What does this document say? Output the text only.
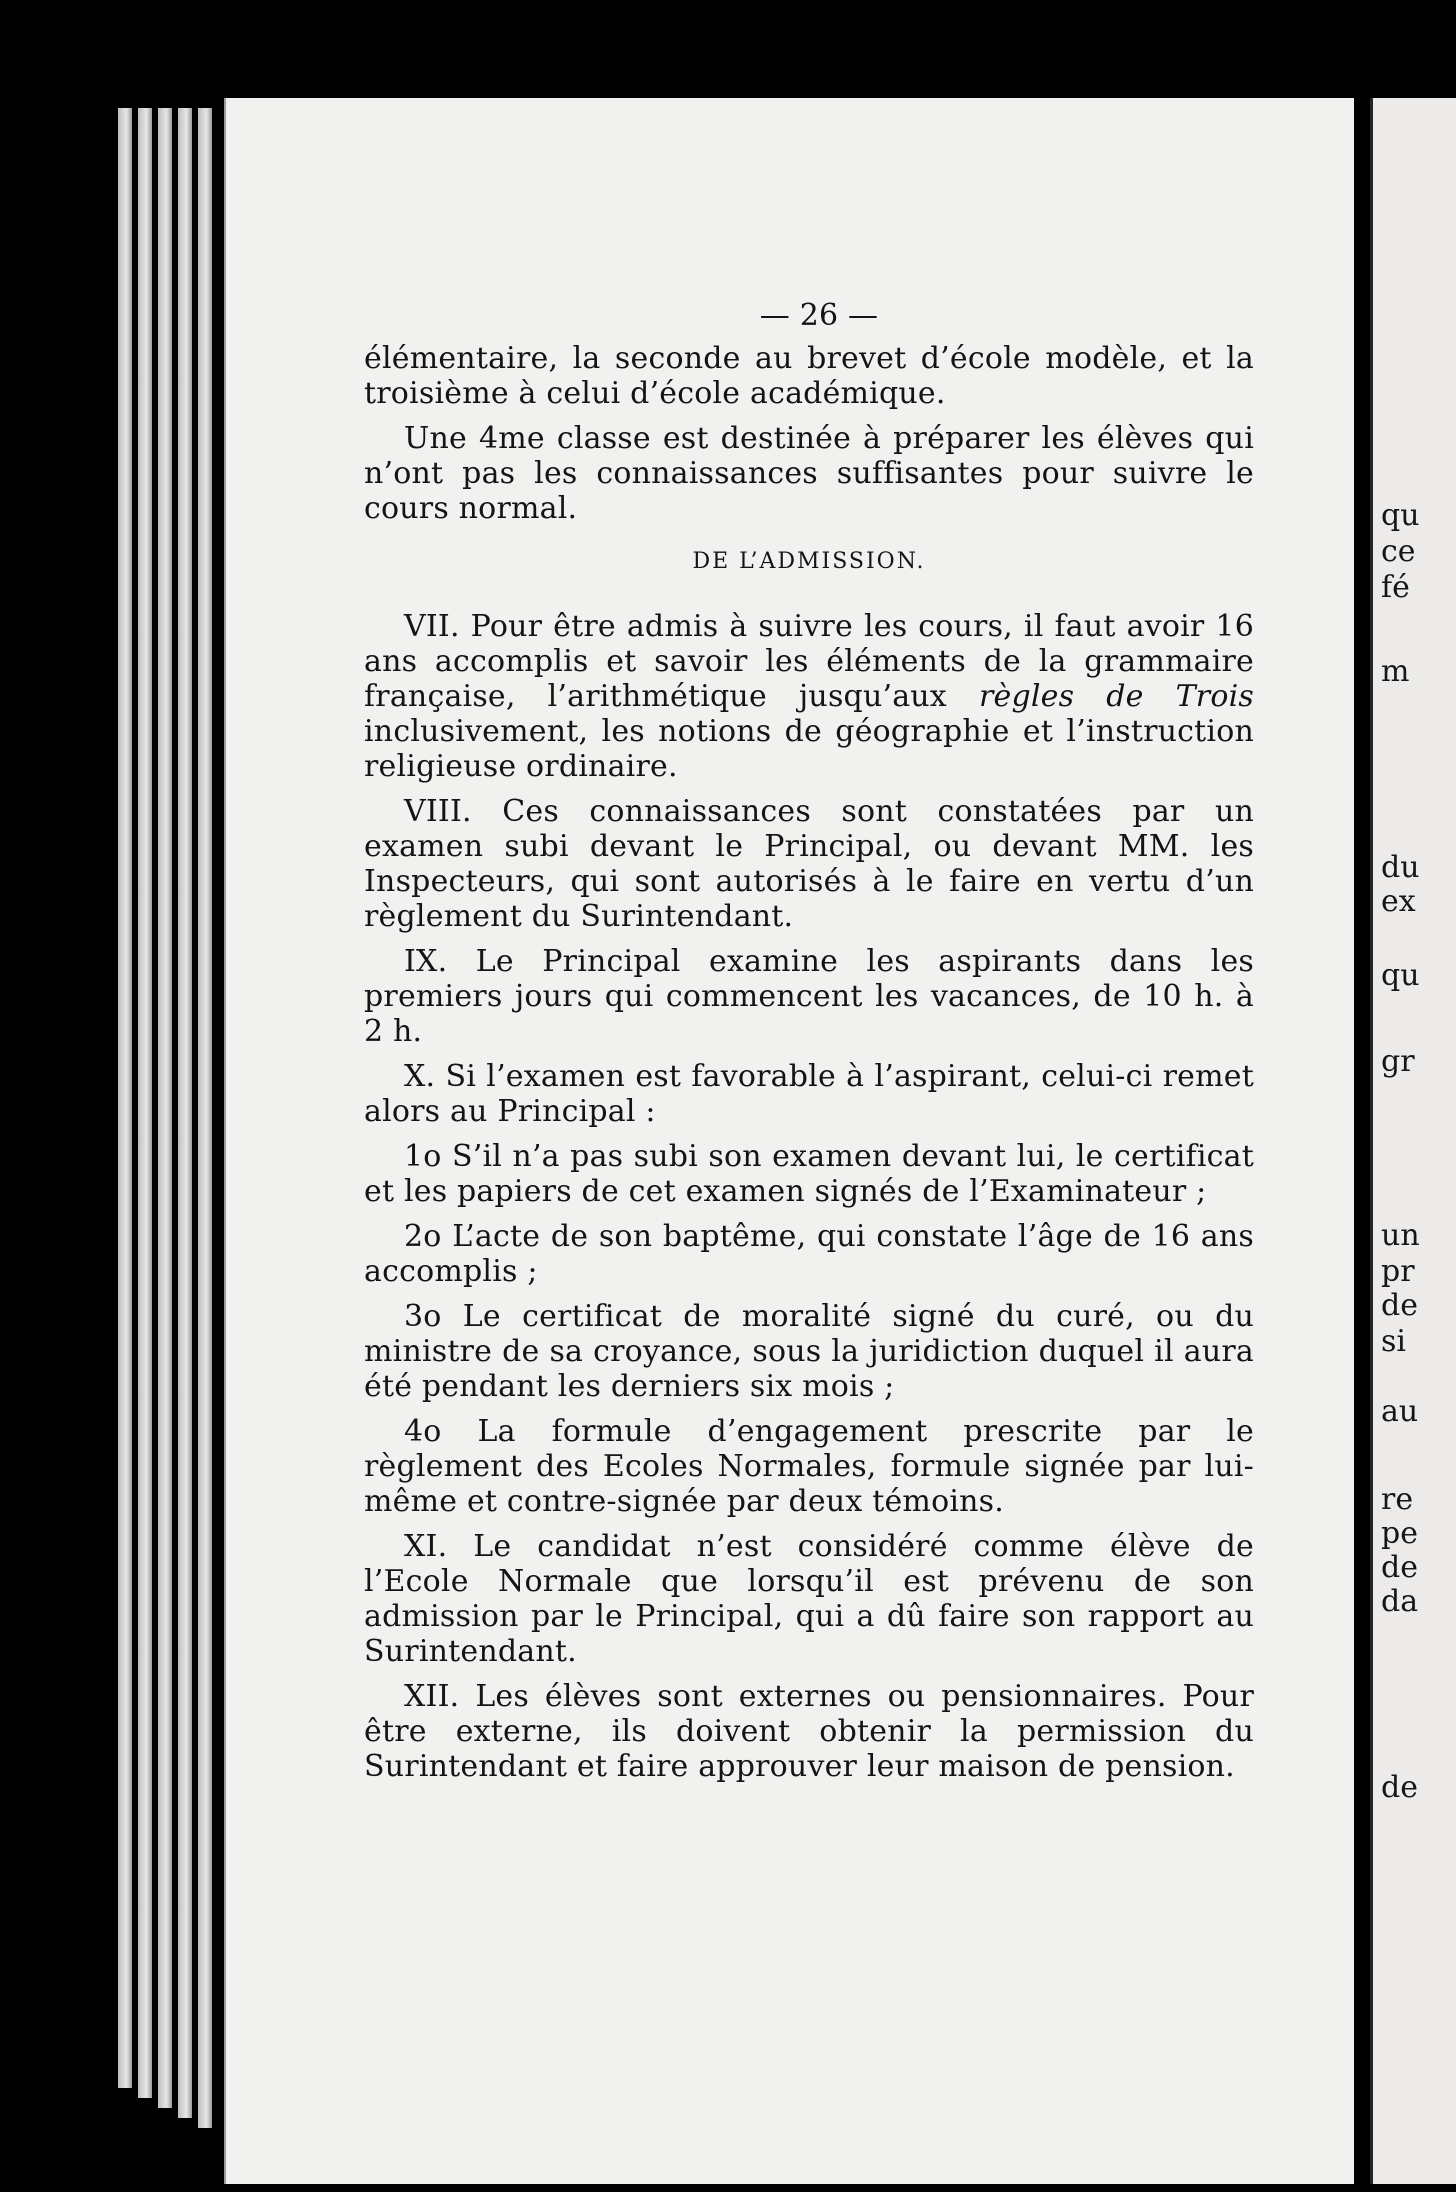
— 26 —

élémentaire, la seconde au brevet d’école modèle, et la troisième à celui d’école académique.

Une 4me classe est destinée à préparer les élèves qui n’ont pas les connaissances suffisantes pour suivre le cours normal.

DE L’ADMISSION.

VII. Pour être admis à suivre les cours, il faut avoir 16 ans accomplis et savoir les éléments de la grammaire française, l’arithmétique jusqu’aux règles de Trois inclusivement, les notions de géographie et l’instruction religieuse ordinaire.

VIII. Ces connaissances sont constatées par un examen subi devant le Principal, ou devant MM. les Inspecteurs, qui sont autorisés à le faire en vertu d’un règlement du Surintendant.

IX. Le Principal examine les aspirants dans les premiers jours qui commencent les vacances, de 10 h. à 2 h.

X. Si l’examen est favorable à l’aspirant, celui-ci remet alors au Principal :

1o S’il n’a pas subi son examen devant lui, le certificat et les papiers de cet examen signés de l’Examinateur ;

2o L’acte de son baptême, qui constate l’âge de 16 ans accomplis ;

3o Le certificat de moralité signé du curé, ou du ministre de sa croyance, sous la juridiction duquel il aura été pendant les derniers six mois ;

4o La formule d’engagement prescrite par le règlement des Ecoles Normales, formule signée par lui-même et contre-signée par deux témoins.

XI. Le candidat n’est considéré comme élève de l’Ecole Normale que lorsqu’il est prévenu de son admission par le Principal, qui a dû faire son rapport au Surintendant.

XII. Les élèves sont externes ou pensionnaires. Pour être externe, ils doivent obtenir la permission du Surintendant et faire approuver leur maison de pension.

qu
ce
fé
m
du
ex
qu
gr
un
pr
de
si
au
re
pe
de
da
de
